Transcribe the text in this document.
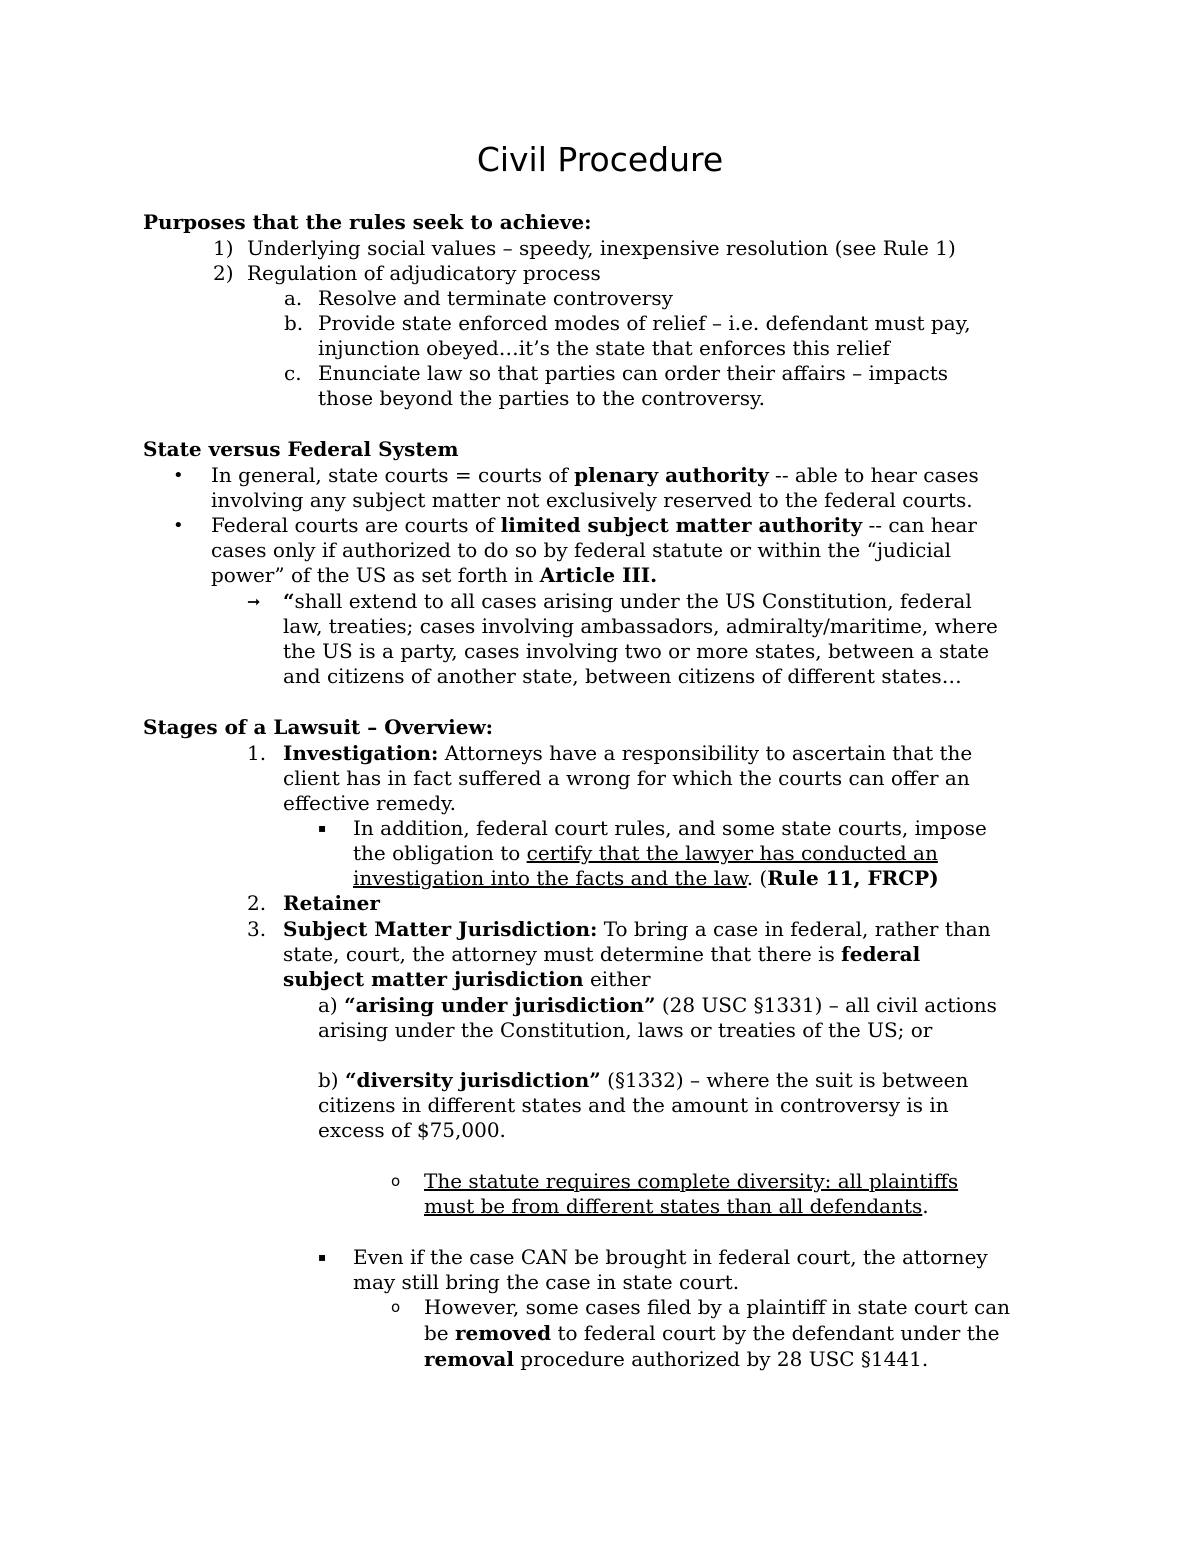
Civil Procedure
Purposes that the rules seek to achieve:
1) Underlying social values – speedy, inexpensive resolution (see Rule 1)
2) Regulation of adjudicatory process
a. Resolve and terminate controversy
b. Provide state enforced modes of relief – i.e. defendant must pay,
injunction obeyed…it’s the state that enforces this relief
c. Enunciate law so that parties can order their affairs – impacts
those beyond the parties to the controversy.
State versus Federal System
• In general, state courts = courts of plenary authority -- able to hear cases
involving any subject matter not exclusively reserved to the federal courts.
• Federal courts are courts of limited subject matter authority -- can hear
cases only if authorized to do so by federal statute or within the “judicial
power” of the US as set forth in Article III.
➞ “shall extend to all cases arising under the US Constitution, federal
law, treaties; cases involving ambassadors, admiralty/maritime, where
the US is a party, cases involving two or more states, between a state
and citizens of another state, between citizens of different states…
Stages of a Lawsuit – Overview:
1. Investigation: Attorneys have a responsibility to ascertain that the
client has in fact suffered a wrong for which the courts can offer an
effective remedy.
▪ In addition, federal court rules, and some state courts, impose
the obligation to certify that the lawyer has conducted an
investigation into the facts and the law. (Rule 11, FRCP)
2. Retainer
3. Subject Matter Jurisdiction: To bring a case in federal, rather than
state, court, the attorney must determine that there is federal
subject matter jurisdiction either
a) “arising under jurisdiction” (28 USC §1331) – all civil actions
arising under the Constitution, laws or treaties of the US; or
b) “diversity jurisdiction” (§1332) – where the suit is between
citizens in different states and the amount in controversy is in
excess of $75,000.
o The statute requires complete diversity: all plaintiffs
must be from different states than all defendants.
▪ Even if the case CAN be brought in federal court, the attorney
may still bring the case in state court.
o However, some cases filed by a plaintiff in state court can
be removed to federal court by the defendant under the
removal procedure authorized by 28 USC §1441.
